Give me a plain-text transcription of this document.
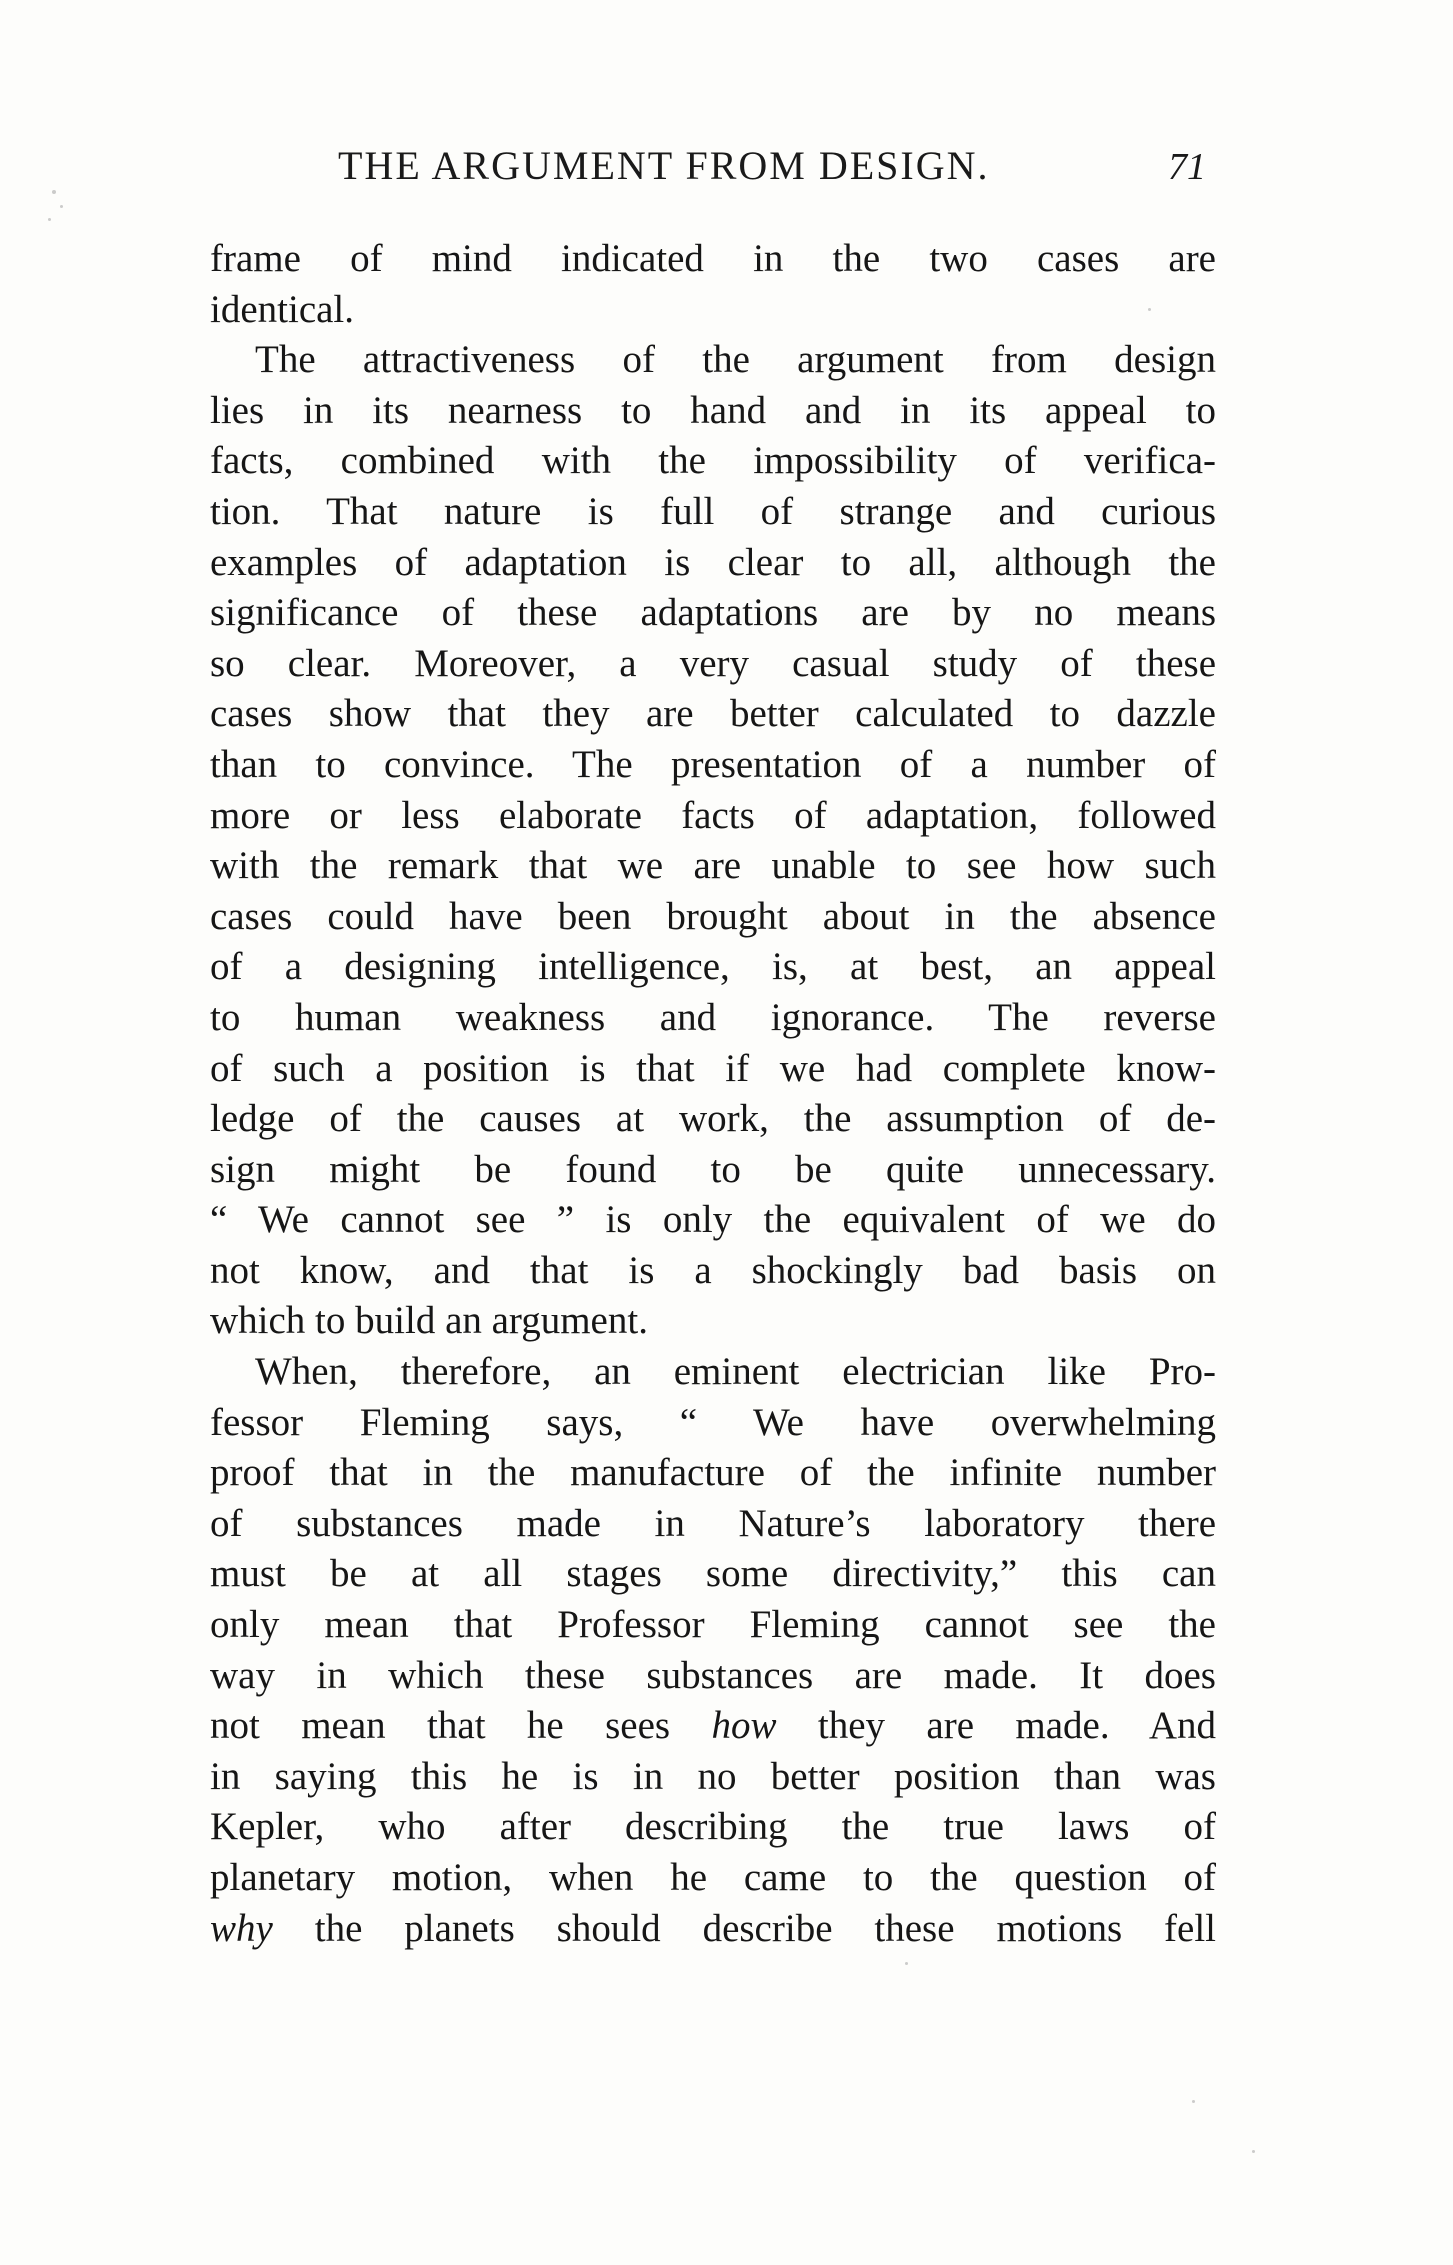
THE ARGUMENT FROM DESIGN.	71
frame of mind indicated in the two cases are
identical.
The attractiveness of the argument from design
lies in its nearness to hand and in its appeal to
facts, combined with the impossibility of verifica-
tion. That nature is full of strange and curious
examples of adaptation is clear to all, although the
significance of these adaptations are by no means
so clear. Moreover, a very casual study of these
cases show that they are better calculated to dazzle
than to convince. The presentation of a number of
more or less elaborate facts of adaptation, followed
with the remark that we are unable to see how such
cases could have been brought about in the absence
of a designing intelligence, is, at best, an appeal
to human weakness and ignorance. The reverse
of such a position is that if we had complete know-
ledge of the causes at work, the assumption of de-
sign might be found to be quite unnecessary.
“ We cannot see ” is only the equivalent of we do
not know, and that is a shockingly bad basis on
which to build an argument.
When, therefore, an eminent electrician like Pro-
fessor Fleming says, “ We have overwhelming
proof that in the manufacture of the infinite number
of substances made in Nature’s laboratory there
must be at all stages some directivity,” this can
only mean that Professor Fleming cannot see the
way in which these substances are made. It does
not mean that he sees how they are made. And
in saying this he is in no better position than was
Kepler, who after describing the true laws of
planetary motion, when he came to the question of
why the planets should describe these motions fell
